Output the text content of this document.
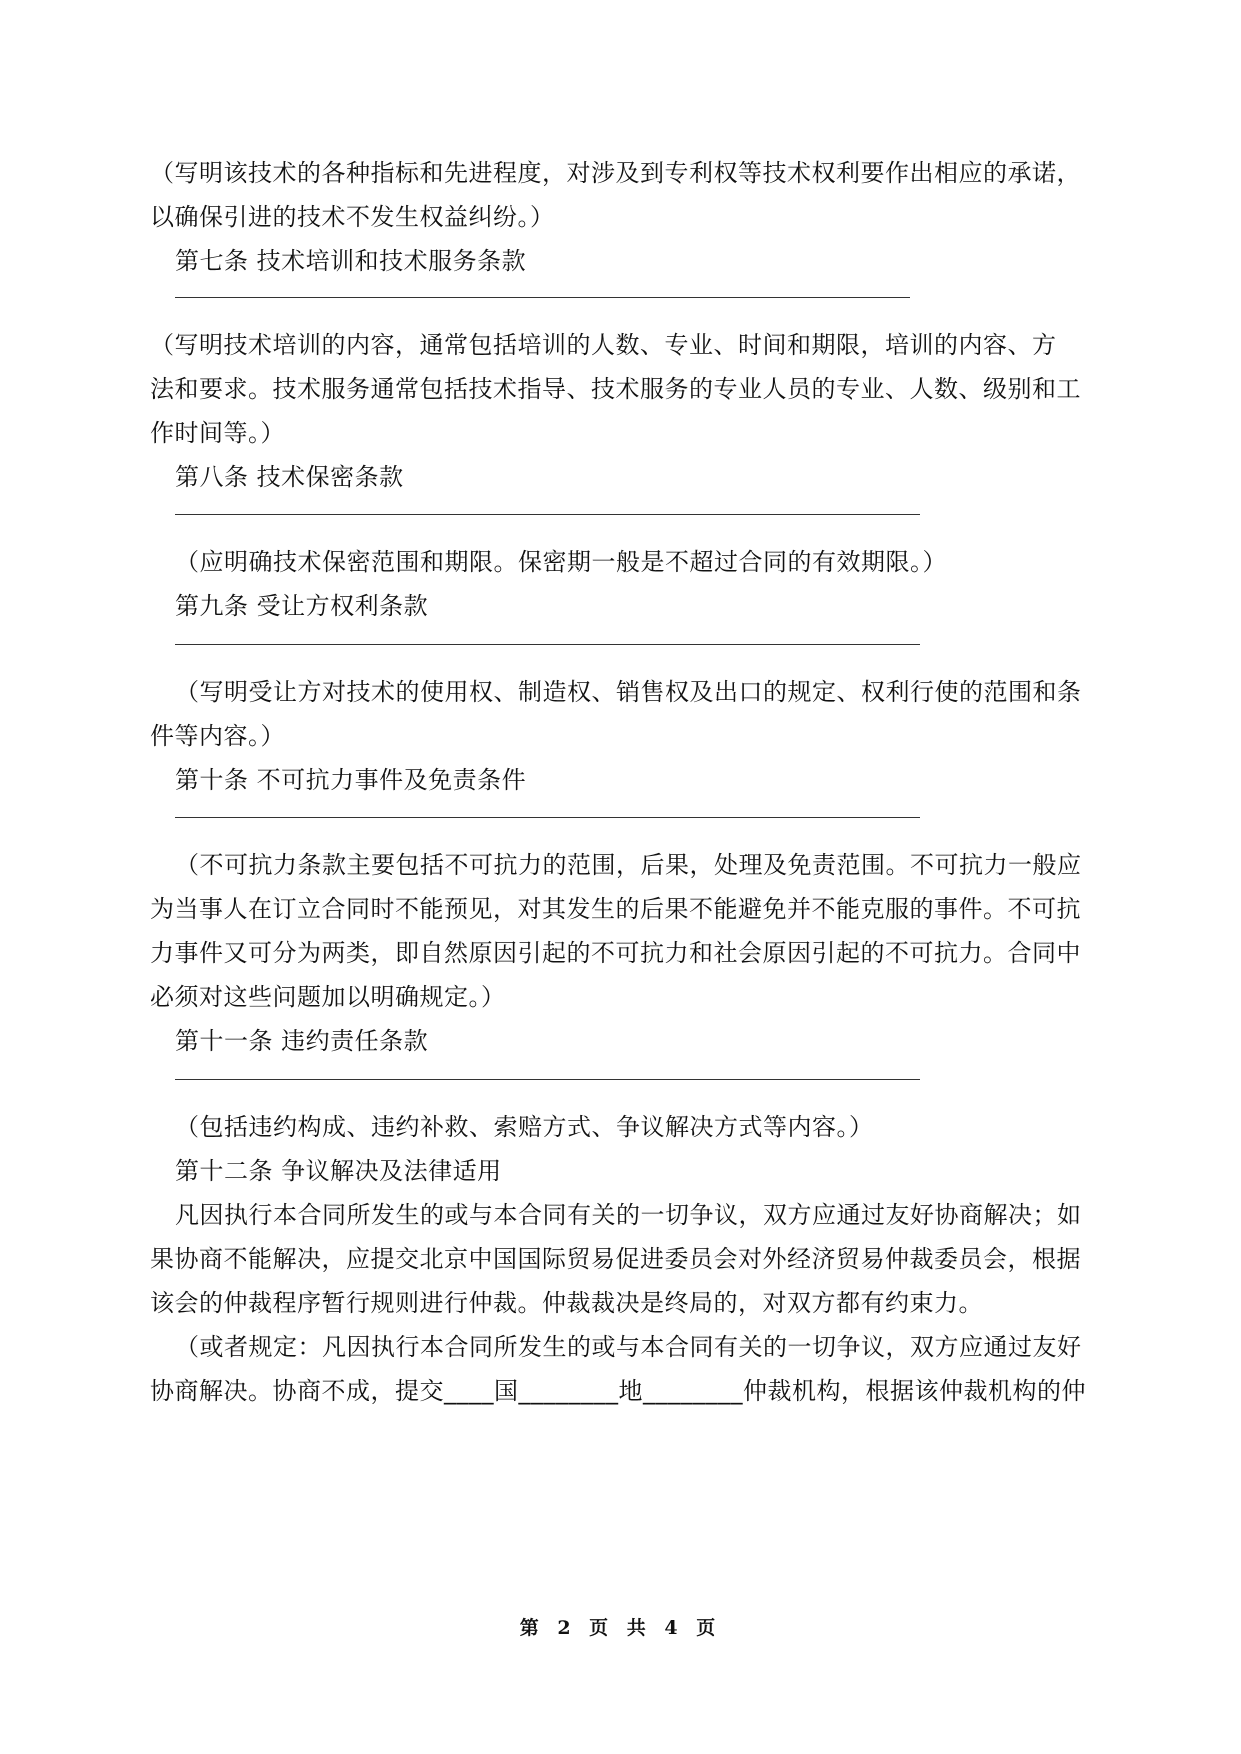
（写明该技术的各种指标和先进程度，对涉及到专利权等技术权利要作出相应的承诺，
以确保引进的技术不发生权益纠纷。）
第七条 技术培训和技术服务条款
（写明技术培训的内容，通常包括培训的人数、专业、时间和期限，培训的内容、方
法和要求。技术服务通常包括技术指导、技术服务的专业人员的专业、人数、级别和工
作时间等。）
第八条 技术保密条款
（应明确技术保密范围和期限。保密期一般是不超过合同的有效期限。）
第九条 受让方权利条款
（写明受让方对技术的使用权、制造权、销售权及出口的规定、权利行使的范围和条
件等内容。）
第十条 不可抗力事件及免责条件
（不可抗力条款主要包括不可抗力的范围，后果，处理及免责范围。不可抗力一般应
为当事人在订立合同时不能预见，对其发生的后果不能避免并不能克服的事件。不可抗
力事件又可分为两类，即自然原因引起的不可抗力和社会原因引起的不可抗力。合同中
必须对这些问题加以明确规定。）
第十一条 违约责任条款
（包括违约构成、违约补救、索赔方式、争议解决方式等内容。）
第十二条 争议解决及法律适用
凡因执行本合同所发生的或与本合同有关的一切争议，双方应通过友好协商解决；如
果协商不能解决，应提交北京中国国际贸易促进委员会对外经济贸易仲裁委员会，根据
该会的仲裁程序暂行规则进行仲裁。仲裁裁决是终局的，对双方都有约束力。
（或者规定：凡因执行本合同所发生的或与本合同有关的一切争议，双方应通过友好
协商解决。协商不成，提交____国________地________仲裁机构，根据该仲裁机构的仲
第 2 页 共 4 页
